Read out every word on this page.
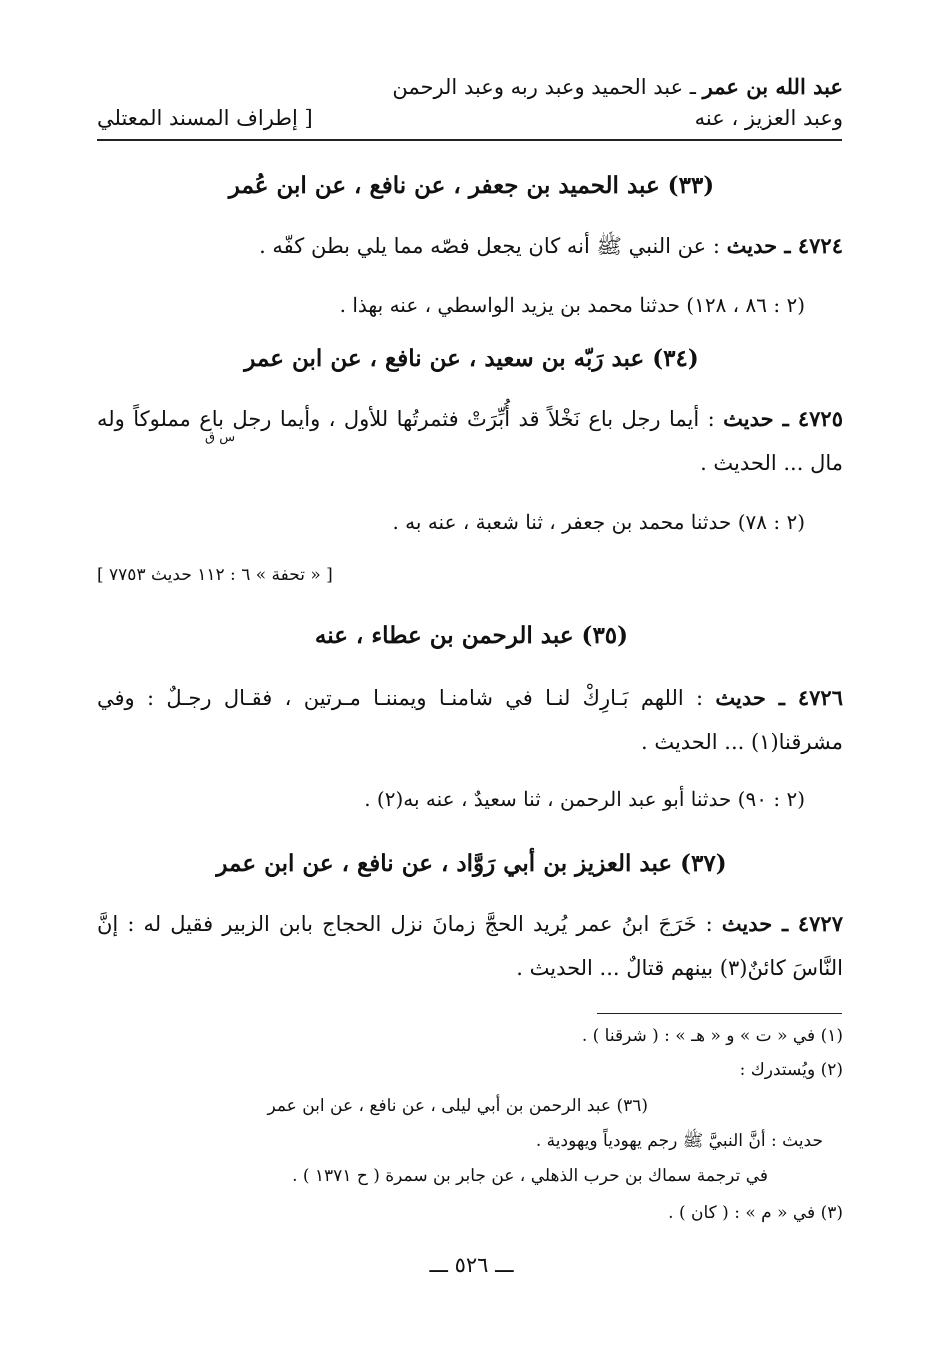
عبد الله بن عمر ـ عبد الحميد وعبد ربه وعبد الرحمن
وعبد العزيز ، عنه
[ إطراف المسند المعتلي
(٣٣) عبد الحميد بن جعفر ، عن نافع ، عن ابن عُمر
٤٧٢٤ ـ حديث : عن النبي ﷺ أنه كان يجعل فصّه مما يلي بطن كفّه .
(٢ : ٨٦ ، ١٢٨) حدثنا محمد بن يزيد الواسطي ، عنه بهذا .
(٣٤) عبد رَبّه بن سعيد ، عن نافع ، عن ابن عمر
٤٧٢٥ ـ حديث : أيما رجل باع نَخْلاً قد أُبِّرَتْ فثمرتُها للأول ، وأيما رجل باع مملوكاً وله مال ... الحديث .
س ق
(٢ : ٧٨) حدثنا محمد بن جعفر ، ثنا شعبة ، عنه به .
[ « تحفة » ٦ : ١١٢ حديث ٧٧٥٣ ]
(٣٥) عبد الرحمن بن عطاء ، عنه
٤٧٢٦ ـ حديث : اللهم بَـارِكْ لنـا في شامنـا ويمننـا مـرتين ، فقـال رجـلٌ : وفي مشرقنا(١) ... الحديث .
(٢ : ٩٠) حدثنا أبو عبد الرحمن ، ثنا سعيدٌ ، عنه به(٢) .
(٣٧) عبد العزيز بن أبي رَوَّاد ، عن نافع ، عن ابن عمر
٤٧٢٧ ـ حديث : خَرَجَ ابنُ عمر يُريد الحجَّ زمانَ نزل الحجاج بابن الزبير فقيل له : إنَّ النَّاسَ كائنٌ(٣) بينهم قتالٌ ... الحديث .
(١) في « ت » و « هـ » : ( شرقنا ) .
(٢) ويُستدرك :
(٣٦) عبد الرحمن بن أبي ليلى ، عن نافع ، عن ابن عمر
حديث : أنَّ النبيَّ ﷺ رجم يهودياً ويهودية .
في ترجمة سماك بن حرب الذهلي ، عن جابر بن سمرة ( ح ١٣٧١ ) .
(٣) في « م » : ( كان ) .
ـــ ٥٢٦ ـــ
